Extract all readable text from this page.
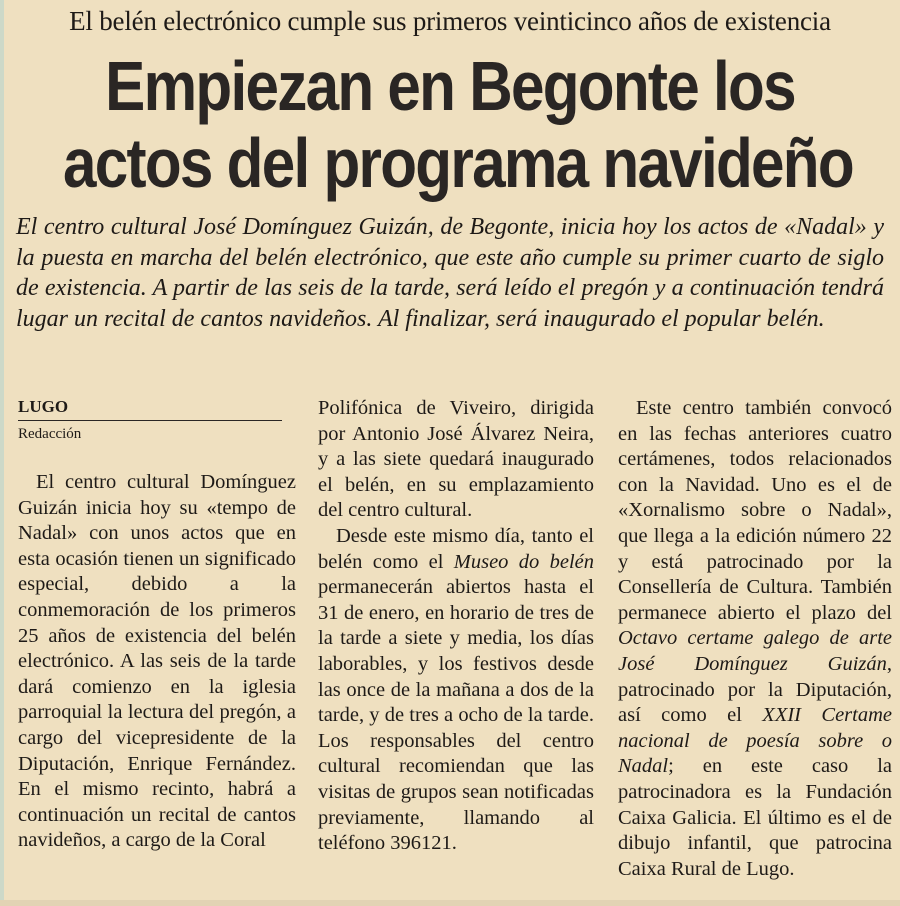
El belén electrónico cumple sus primeros veinticinco años de existencia
Empiezan en Begonte los
actos del programa navideño
El centro cultural José Domínguez Guizán, de Begonte, inicia hoy los actos de «Nadal» y la puesta en marcha del belén electrónico, que este año cumple su primer cuarto de siglo de existencia. A partir de las seis de la tarde, será leído el pregón y a continuación tendrá lugar un recital de cantos navideños. Al finalizar, será inaugurado el popular belén.
LUGO
Redacción

El centro cultural Domínguez Guizán inicia hoy su «tempo de Nadal» con unos actos que en esta ocasión tienen un significado especial, debido a la conmemoración de los primeros 25 años de existencia del belén electrónico. A las seis de la tarde dará comienzo en la iglesia parroquial la lectura del pregón, a cargo del vicepresidente de la Diputación, Enrique Fernández. En el mismo recinto, habrá a continuación un recital de cantos navideños, a cargo de la Coral

Polifónica de Viveiro, dirigida por Antonio José Álvarez Neira, y a las siete quedará inaugurado el belén, en su emplazamiento del centro cultural.

Desde este mismo día, tanto el belén como el Museo do belén permanecerán abiertos hasta el 31 de enero, en horario de tres de la tarde a siete y media, los días laborables, y los festivos desde las once de la mañana a dos de la tarde, y de tres a ocho de la tarde. Los responsables del centro cultural recomiendan que las visitas de grupos sean notificadas previamente, llamando al teléfono 396121.

Este centro también convocó en las fechas anteriores cuatro certámenes, todos relacionados con la Navidad. Uno es el de «Xornalismo sobre o Nadal», que llega a la edición número 22 y está patrocinado por la Consellería de Cultura. También permanece abierto el plazo del Octavo certame galego de arte José Domínguez Guizán, patrocinado por la Diputación, así como el XXII Certame nacional de poesía sobre o Nadal; en este caso la patrocinadora es la Fundación Caixa Galicia. El último es el de dibujo infantil, que patrocina Caixa Rural de Lugo.
